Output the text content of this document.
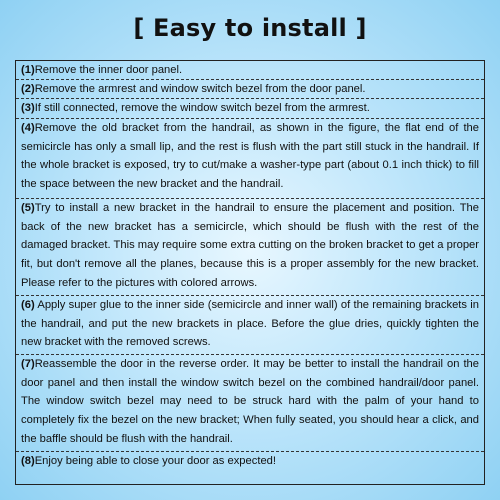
[ Easy to install ]
(1)Remove the inner door panel.
(2)Remove the armrest and window switch bezel from the door panel.
(3)If still connected, remove the window switch bezel from the armrest.
(4)Remove the old bracket from the handrail, as shown in the figure, the flat end of the semicircle has only a small lip, and the rest is flush with the part still stuck in the handrail. If the whole bracket is exposed, try to cut/make a washer-type part (about 0.1 inch thick) to fill the space between the new bracket and the handrail.
(5)Try to install a new bracket in the handrail to ensure the placement and position. The back of the new bracket has a semicircle, which should be flush with the rest of the damaged bracket. This may require some extra cutting on the broken bracket to get a proper fit, but don't remove all the planes, because this is a proper assembly for the new bracket. Please refer to the pictures with colored arrows.
(6) Apply super glue to the inner side (semicircle and inner wall) of the remaining brackets in the handrail, and put the new brackets in place. Before the glue dries, quickly tighten the new bracket with the removed screws.
(7)Reassemble the door in the reverse order. It may be better to install the handrail on the door panel and then install the window switch bezel on the combined handrail/door panel. The window switch bezel may need to be struck hard with the palm of your hand to completely fix the bezel on the new bracket; When fully seated, you should hear a click, and the baffle should be flush with the handrail.
(8)Enjoy being able to close your door as expected!
